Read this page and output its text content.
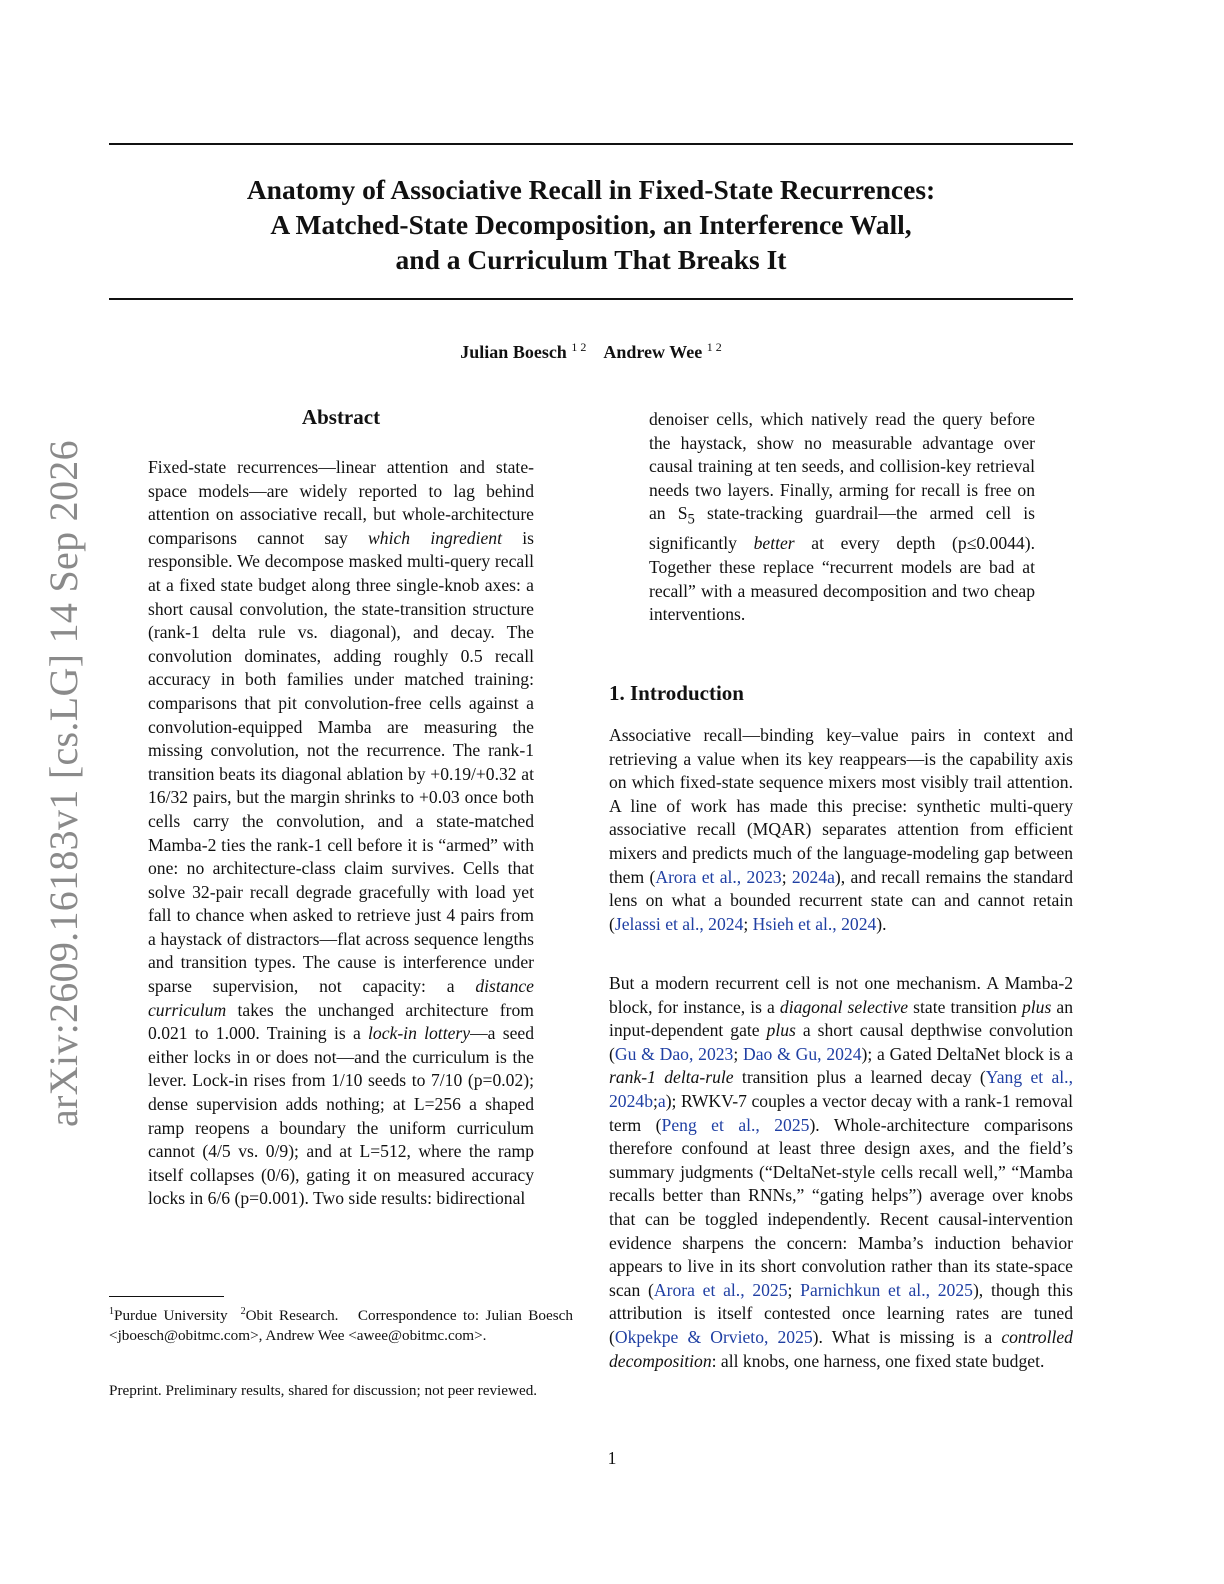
arXiv:2609.16183v1 [cs.LG] 14 Sep 2026
Anatomy of Associative Recall in Fixed-State Recurrences:
A Matched-State Decomposition, an Interference Wall,
and a Curriculum That Breaks It
Julian Boesch $^{1 2}$ Andrew Wee $^{1 2}$
Abstract
Fixed-state recurrences—linear attention and state-space models—are widely reported to lag behind attention on associative recall, but whole-architecture comparisons cannot say which ingredient is responsible. We decompose masked multi-query recall at a fixed state budget along three single-knob axes: a short causal convolution, the state-transition structure (rank-1 delta rule vs. diagonal), and decay. The convolution dominates, adding roughly 0.5 recall accuracy in both families under matched training: comparisons that pit convolution-free cells against a convolution-equipped Mamba are measuring the missing convolution, not the recurrence. The rank-1 transition beats its diagonal ablation by +0.19/+0.32 at 16/32 pairs, but the margin shrinks to +0.03 once both cells carry the convolution, and a state-matched Mamba-2 ties the rank-1 cell before it is “armed” with one: no architecture-class claim survives. Cells that solve 32-pair recall degrade gracefully with load yet fall to chance when asked to retrieve just 4 pairs from a haystack of distractors—flat across sequence lengths and transition types. The cause is interference under sparse supervision, not capacity: a distance curriculum takes the unchanged architecture from 0.021 to 1.000. Training is a lock-in lottery—a seed either locks in or does not—and the curriculum is the lever. Lock-in rises from 1/10 seeds to 7/10 (p=0.02); dense supervision adds nothing; at L=256 a shaped ramp reopens a boundary the uniform curriculum cannot (4/5 vs. 0/9); and at L=512, where the ramp itself collapses (0/6), gating it on measured accuracy locks in 6/6 (p=0.001). Two side results: bidirectional
$^1$Purdue University $^2$Obit Research. Correspondence to: Julian Boesch <jboesch@obitmc.com>, Andrew Wee <awee@obitmc.com>.
Preprint. Preliminary results, shared for discussion; not peer reviewed.
denoiser cells, which natively read the query before the haystack, show no measurable advantage over causal training at ten seeds, and collision-key retrieval needs two layers. Finally, arming for recall is free on an $S_5$ state-tracking guardrail—the armed cell is significantly better at every depth (p≤0.0044). Together these replace “recurrent models are bad at recall” with a measured decomposition and two cheap interventions.
1. Introduction
Associative recall—binding key–value pairs in context and retrieving a value when its key reappears—is the capability axis on which fixed-state sequence mixers most visibly trail attention. A line of work has made this precise: synthetic multi-query associative recall (MQAR) separates attention from efficient mixers and predicts much of the language-modeling gap between them (Arora et al., 2023; 2024a), and recall remains the standard lens on what a bounded recurrent state can and cannot retain (Jelassi et al., 2024; Hsieh et al., 2024).
But a modern recurrent cell is not one mechanism. A Mamba-2 block, for instance, is a diagonal selective state transition plus an input-dependent gate plus a short causal depthwise convolution (Gu & Dao, 2023; Dao & Gu, 2024); a Gated DeltaNet block is a rank-1 delta-rule transition plus a learned decay (Yang et al., 2024b;a); RWKV-7 couples a vector decay with a rank-1 removal term (Peng et al., 2025). Whole-architecture comparisons therefore confound at least three design axes, and the field’s summary judgments (“DeltaNet-style cells recall well,” “Mamba recalls better than RNNs,” “gating helps”) average over knobs that can be toggled independently. Recent causal-intervention evidence sharpens the concern: Mamba’s induction behavior appears to live in its short convolution rather than its state-space scan (Arora et al., 2025; Parnichkun et al., 2025), though this attribution is itself contested once learning rates are tuned (Okpekpe & Orvieto, 2025). What is missing is a controlled decomposition: all knobs, one harness, one fixed state budget.
1
